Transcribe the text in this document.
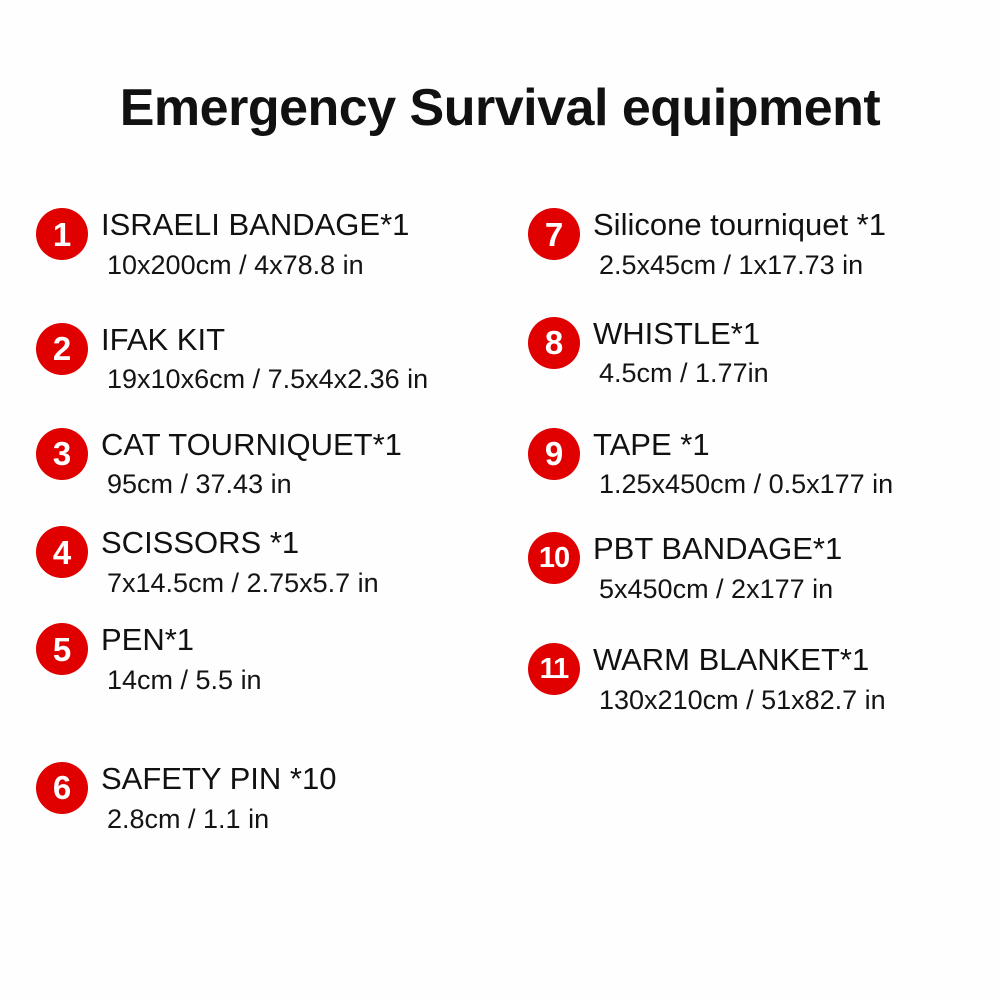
Emergency Survival equipment
1 ISRAELI BANDAGE*1
10x200cm / 4x78.8 in
2 IFAK KIT
19x10x6cm / 7.5x4x2.36 in
3 CAT TOURNIQUET*1
95cm / 37.43 in
4 SCISSORS *1
7x14.5cm / 2.75x5.7 in
5 PEN*1
14cm / 5.5 in
6 SAFETY PIN *10
2.8cm / 1.1 in
7 Silicone tourniquet *1
2.5x45cm / 1x17.73 in
8 WHISTLE*1
4.5cm / 1.77in
9 TAPE *1
1.25x450cm / 0.5x177 in
10 PBT BANDAGE*1
5x450cm / 2x177 in
11 WARM BLANKET*1
130x210cm / 51x82.7 in
